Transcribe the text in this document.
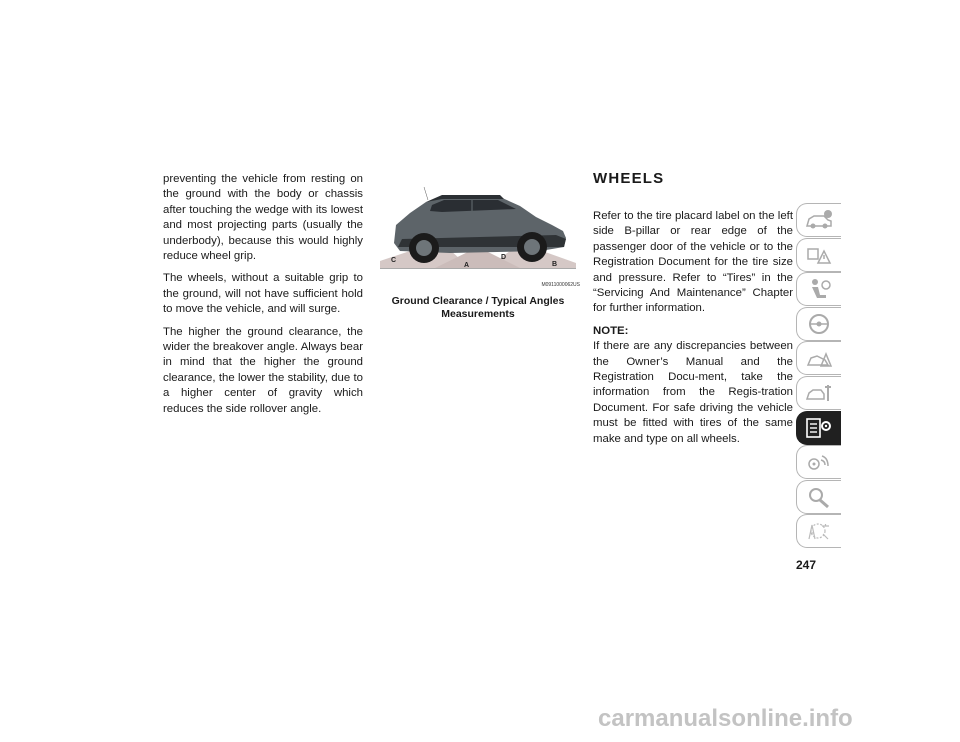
preventing the vehicle from resting on the ground with the body or chassis after touching the wedge with its lowest and most projecting parts (usually the underbody), because this would highly reduce wheel grip.

The wheels, without a suitable grip to the ground, will not have sufficient hold to move the vehicle, and will surge.

The higher the ground clearance, the wider the breakover angle. Always bear in mind that the higher the ground clearance, the lower the stability, due to a higher center of gravity which reduces the side rollover angle.

C
A
D
B
M0911000062US
Ground Clearance / Typical Angles Measurements
WHEELS

Refer to the tire placard label on the left side B-pillar or rear edge of the passenger door of the vehicle or to the Registration Document for the tire size and pressure. Refer to “Tires” in the “Servicing And Maintenance” Chapter for further information.

NOTE:

If there are any discrepancies between the Owner’s Manual and the Registration Docu-ment, take the information from the Regis-tration Document. For safe driving the vehicle must be fitted with tires of the same make and type on all wheels.

247
carmanualsonline.info
